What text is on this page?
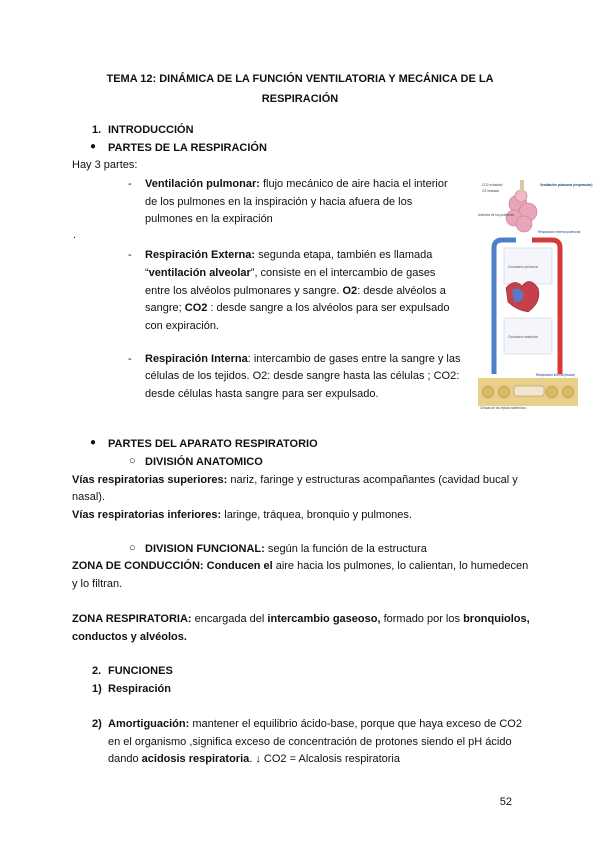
TEMA 12: DINÁMICA DE LA FUNCIÓN VENTILATORIA Y MECÁNICA DE LA
RESPIRACIÓN
1. INTRODUCCIÓN
● PARTES DE LA RESPIRACIÓN
Hay 3 partes:
- Ventilación pulmonar: flujo mecánico de aire hacia el interior
de los pulmones en la inspiración y hacia afuera de los
pulmones en la expiración
.
- Respiración Externa: segunda etapa, también es llamada
“ventilación alveolar”, consiste en el intercambio de gases
entre los alvéolos pulmonares y sangre. O2: desde alvéolos a
sangre; CO2 : desde sangre a los alvéolos para ser expulsado
con expiración.
- Respiración Interna: intercambio de gases entre la sangre y las
células de los tejidos. O2: desde sangre hasta las células ; CO2:
desde células hasta sangre para ser expulsado.
CO2 exhalado
O2 inhalado
Ventilación pulmonar (respiración)
Alvéolos de los pulmones
Respiración externa pulmonar
Circulación pulmonar
Circulación sistémica
Respiración interna (tisular)
Células de los tejidos sistémicos
● PARTES DEL APARATO RESPIRATORIO
○ DIVISIÓN ANATOMICO
Vías respiratorias superiores: nariz, faringe y estructuras acompañantes (cavidad bucal y
nasal).
Vías respiratorias inferiores: laringe, tráquea, bronquio y pulmones.
○ DIVISION FUNCIONAL: según la función de la estructura
ZONA DE CONDUCCIÓN: Conducen el aire hacia los pulmones, lo calientan, lo humedecen
y lo filtran.
ZONA RESPIRATORIA: encargada del intercambio gaseoso, formado por los bronquiolos,
conductos y alvéolos.
2. FUNCIONES
1) Respiración
2) Amortiguación: mantener el equilibrio ácido-base, porque que haya exceso de CO2
en el organismo ,significa exceso de concentración de protones siendo el pH ácido
dando acidosis respiratoria. ↓ CO2 = Alcalosis respiratoria
52
